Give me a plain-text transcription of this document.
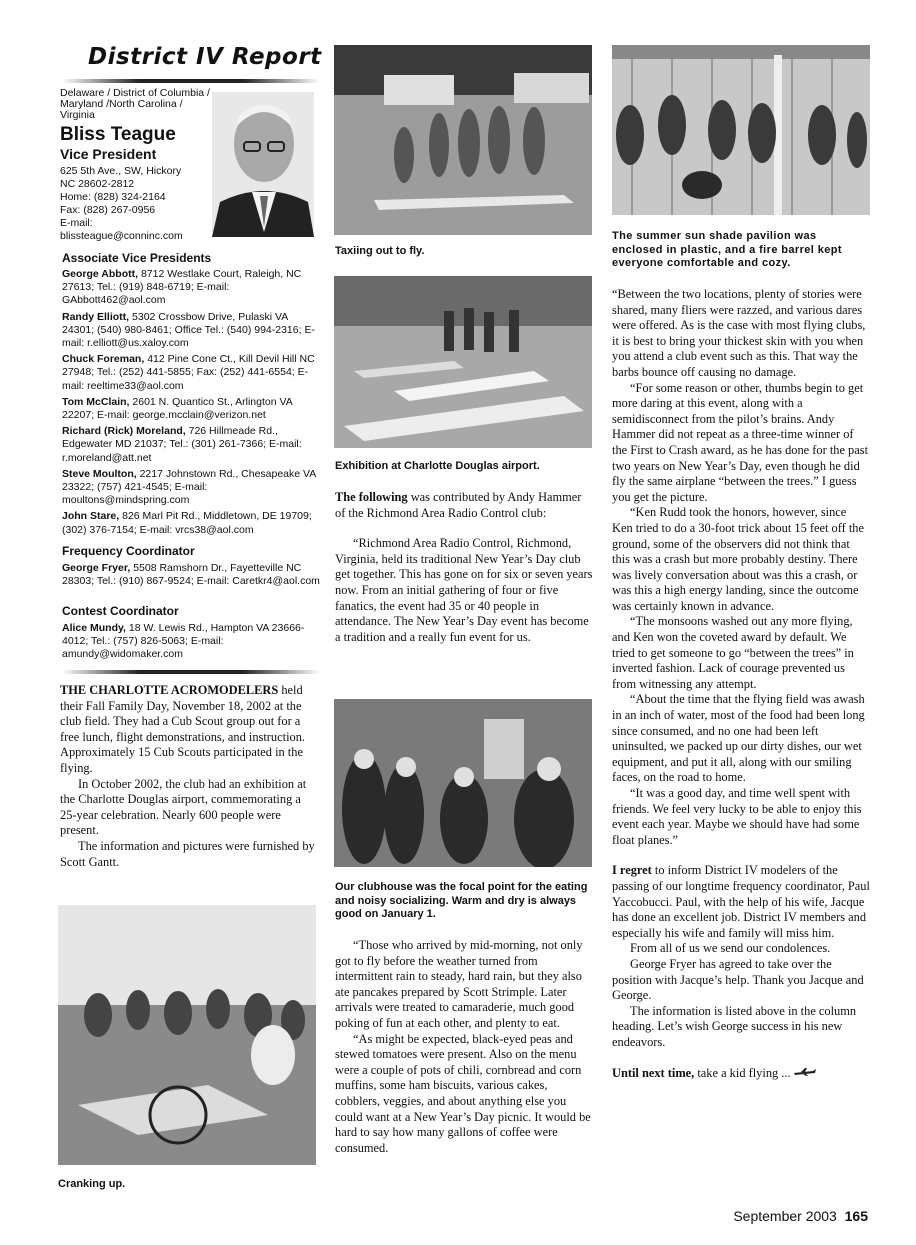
District IV Report
Delaware / District of Columbia / Maryland /North Carolina / Virginia
Bliss Teague
Vice President
625 5th Ave., SW, Hickory
NC 28602-2812
Home: (828) 324-2164
Fax: (828) 267-0956
E-mail:
blissteague@conninc.com
Associate Vice Presidents
George Abbott, 8712 Westlake Court, Raleigh, NC 27613; Tel.: (919) 848-6719; E-mail: GAbbott462@aol.com
Randy Elliott, 5302 Crossbow Drive, Pulaski VA 24301; (540) 980-8461; Office Tel.: (540) 994-2316; E-mail: r.elliott@us.xaloy.com
Chuck Foreman, 412 Pine Cone Ct., Kill Devil Hill NC 27948; Tel.: (252) 441-5855; Fax: (252) 441-6554; E-mail: reeltime33@aol.com
Tom McClain, 2601 N. Quantico St., Arlington VA 22207; E-mail: george.mcclain@verizon.net
Richard (Rick) Moreland, 726 Hillmeade Rd., Edgewater MD 21037; Tel.: (301) 261-7366; E-mail: r.moreland@att.net
Steve Moulton, 2217 Johnstown Rd., Chesapeake VA 23322; (757) 421-4545; E-mail: moultons@mindspring.com
John Stare, 826 Marl Pit Rd., Middletown, DE 19709; (302) 376-7154; E-mail: vrcs38@aol.com
Frequency Coordinator
George Fryer, 5508 Ramshorn Dr., Fayetteville NC 28303; Tel.: (910) 867-9524; E-mail: Caretkr4@aol.com
Contest Coordinator
Alice Mundy, 18 W. Lewis Rd., Hampton VA 23666-4012; Tel.: (757) 826-5063; E-mail: amundy@widomaker.com

THE CHARLOTTE ACROMODELERS held their Fall Family Day, November 18, 2002 at the club field. They had a Cub Scout group out for a free lunch, flight demonstrations, and instruction. Approximately 15 Cub Scouts participated in the flying.

In October 2002, the club had an exhibition at the Charlotte Douglas airport, commemorating a 25-year celebration. Nearly 600 people were present.

The information and pictures were furnished by Scott Gantt.

Cranking up.
Taxiing out to fly.
Exhibition at Charlotte Douglas airport.

The following was contributed by Andy Hammer of the Richmond Area Radio Control club:

“Richmond Area Radio Control, Richmond, Virginia, held its traditional New Year’s Day club get together. This has gone on for six or seven years now. From an initial gathering of four or five fanatics, the event had 35 or 40 people in attendance. The New Year’s Day event has become a tradition and a really fun event for us.

Our clubhouse was the focal point for the eating and noisy socializing. Warm and dry is always good on January 1.

“Those who arrived by mid-morning, not only got to fly before the weather turned from intermittent rain to steady, hard rain, but they also ate pancakes prepared by Scott Strimple. Later arrivals were treated to camaraderie, much good poking of fun at each other, and plenty to eat.

“As might be expected, black-eyed peas and stewed tomatoes were present. Also on the menu were a couple of pots of chili, cornbread and corn muffins, some ham biscuits, various cakes, cobblers, veggies, and about anything else you could want at a New Year’s Day picnic. It would be hard to say how many gallons of coffee were consumed.

The summer sun shade pavilion was enclosed in plastic, and a fire barrel kept everyone comfortable and cozy.

“Between the two locations, plenty of stories were shared, many fliers were razzed, and various dares were offered. As is the case with most flying clubs, it is best to bring your thickest skin with you when you attend a club event such as this. That way the barbs bounce off causing no damage.

“For some reason or other, thumbs begin to get more daring at this event, along with a semidisconnect from the pilot’s brains. Andy Hammer did not repeat as a three-time winner of the First to Crash award, as he has done for the past two years on New Year’s Day, even though he did fly the same airplane “between the trees.” I guess you get the picture.

“Ken Rudd took the honors, however, since Ken tried to do a 30-foot trick about 15 feet off the ground, some of the observers did not think that this was a crash but more probably destiny. There was lively conversation about was this a crash, or was this a high energy landing, since the outcome was certainly known in advance.

“The monsoons washed out any more flying, and Ken won the coveted award by default. We tried to get someone to go “between the trees” in inverted fashion. Lack of courage prevented us from witnessing any attempt.

“About the time that the flying field was awash in an inch of water, most of the food had been long since consumed, and no one had been left uninsulted, we packed up our dirty dishes, our wet equipment, and put it all, along with our smiling faces, on the road to home.

“It was a good day, and time well spent with friends. We feel very lucky to be able to enjoy this event each year. Maybe we should have had some float planes.”

I regret to inform District IV modelers of the passing of our longtime frequency coordinator, Paul Yaccobucci. Paul, with the help of his wife, Jacque has done an excellent job. District IV members and especially his wife and family will miss him.

From all of us we send our condolences.

George Fryer has agreed to take over the position with Jacque’s help. Thank you Jacque and George.

The information is listed above in the column heading. Let’s wish George success in his new endeavors.

Until next time, take a kid flying ...

September 2003 165
